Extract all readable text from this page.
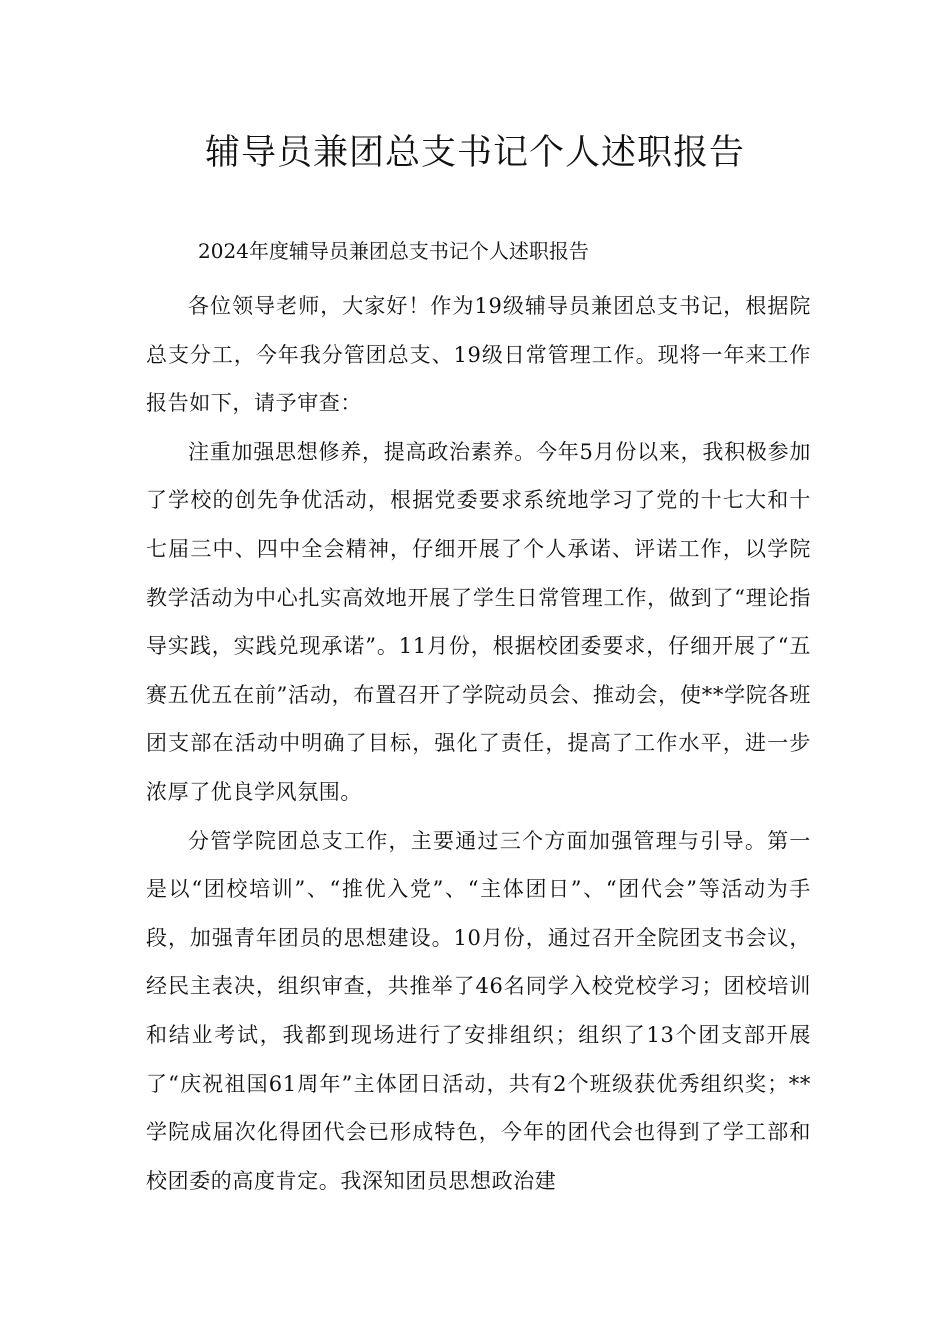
辅导员兼团总支书记个人述职报告

2024年度辅导员兼团总支书记个人述职报告

各位领导老师，大家好！作为19级辅导员兼团总支书记，根据院总支分工，今年我分管团总支、19级日常管理工作。现将一年来工作报告如下，请予审查：

注重加强思想修养，提高政治素养。今年5月份以来，我积极参加了学校的创先争优活动，根据党委要求系统地学习了党的十七大和十七届三中、四中全会精神，仔细开展了个人承诺、评诺工作，以学院教学活动为中心扎实高效地开展了学生日常管理工作，做到了“理论指导实践，实践兑现承诺”。11月份，根据校团委要求，仔细开展了“五赛五优五在前”活动，布置召开了学院动员会、推动会，使**学院各班团支部在活动中明确了目标，强化了责任，提高了工作水平，进一步浓厚了优良学风氛围。

分管学院团总支工作，主要通过三个方面加强管理与引导。第一是以“团校培训”、“推优入党”、“主体团日”、“团代会”等活动为手段，加强青年团员的思想建设。10月份，通过召开全院团支书会议，经民主表决，组织审查，共推举了46名同学入校党校学习；团校培训和结业考试，我都到现场进行了安排组织；组织了13个团支部开展了“庆祝祖国61周年”主体团日活动，共有2个班级获优秀组织奖；**学院成届次化得团代会已形成特色，今年的团代会也得到了学工部和校团委的高度肯定。我深知团员思想政治建
